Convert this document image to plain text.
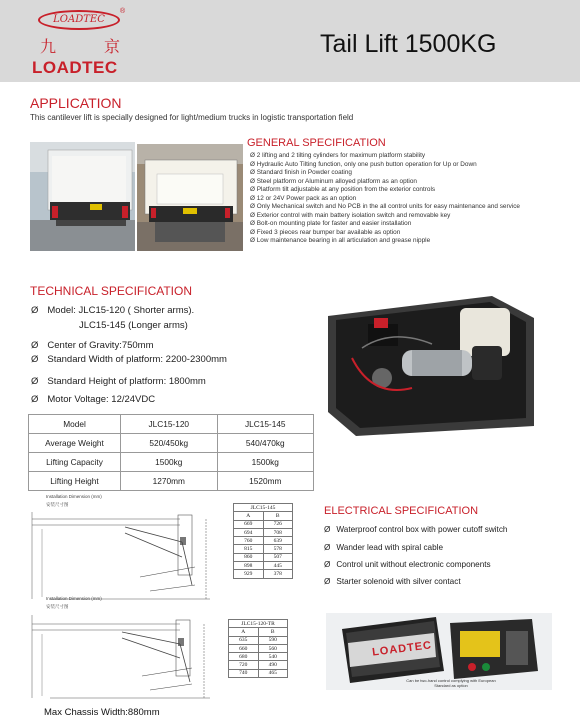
LOADTEC
®
九	京
LOADTEC
Tail Lift 1500KG
APPLICATION
This cantilever lift is specially designed for light/medium trucks in logistic transportation field
GENERAL SPECIFICATION
Ø 2 lifting and 2 tilting cylinders for maximum platform stability
Ø Hydraulic Auto Tilting function, only one push button operation for Up or Down
Ø Standard finish in Powder coating
Ø Steel platform or Aluminum alloyed platform as an option
Ø Platform tilt adjustable at any position from the exterior controls
Ø 12 or 24V Power pack as an option
Ø Only Mechanical switch and No PCB in the all control units for easy maintenance and service
Ø Exterior control with main battery isolation switch and removable key
Ø Bolt-on mounting plate for faster and easier installation
Ø Fixed 3 pieces rear bumper bar available as option
Ø Low maintenance bearing in all articulation and grease nipple
TECHNICAL SPECIFICATION
Ø Model: JLC15-120 ( Shorter arms).
JLC15-145 (Longer arms)
Ø Center of Gravity:750mm
Ø Standard Width of platform: 2200-2300mm
Ø Standard Height of platform: 1800mm
Ø Motor Voltage: 12/24VDC
Model	JLC15-120	JLC15-145
Average Weight	520/450kg	540/470kg
Lifting Capacity	1500kg	1500kg
Lifting Height	1270mm	1520mm
Installation Dimension (mm)
安装尺寸图
JLC15-145	
A	B
669	726
694	708
760	639
815	578
860	507
898	445
929	378
Installation Dimension (mm)
安装尺寸图
JLC15-120-TR	
A	B
635	590
660	560
680	540
720	490
740	465
ELECTRICAL SPECIFICATION
Ø Waterproof control box with power cutoff switch
Ø Wander lead with spiral cable
Ø Control unit without electronic components
Ø Starter solenoid with silver contact
LOADTEC
Can be two-hand control complying with European Standard as option
Max Chassis Width:880mm
